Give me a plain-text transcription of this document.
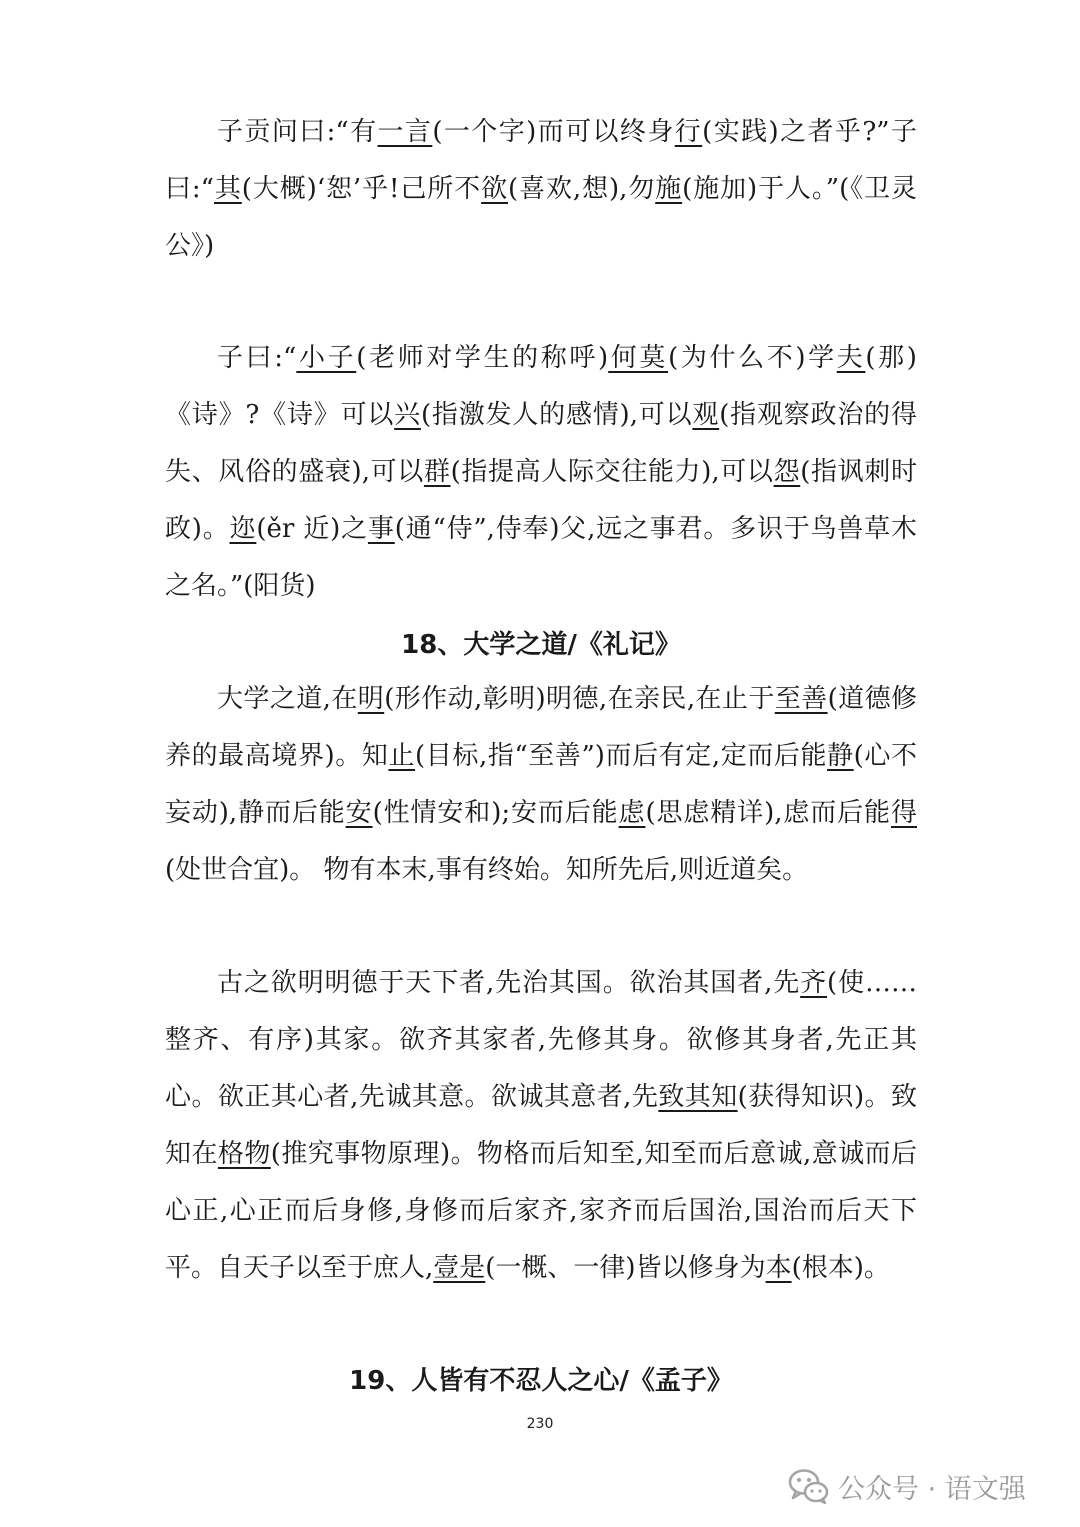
子贡问曰:“有一言(一个字)而可以终身行(实践)之者乎?”子曰:“其(大概)‘恕’乎!己所不欲(喜欢,想),勿施(施加)于人。”(《卫灵公》)

子曰:“小子(老师对学生的称呼)何莫(为什么不)学夫(那)《诗》?《诗》可以兴(指激发人的感情),可以观(指观察政治的得失、风俗的盛衰),可以群(指提高人际交往能力),可以怨(指讽刺时政)。迩(ěr 近)之事(通“侍”,侍奉)父,远之事君。多识于鸟兽草木之名。”(阳货)

18、大学之道/《礼记》

大学之道,在明(形作动,彰明)明德,在亲民,在止于至善(道德修养的最高境界)。知止(目标,指“至善”)而后有定,定而后能静(心不妄动),静而后能安(性情安和);安而后能虑(思虑精详),虑而后能得(处世合宜)。 物有本末,事有终始。知所先后,则近道矣。

古之欲明明德于天下者,先治其国。欲治其国者,先齐(使……整齐、有序)其家。欲齐其家者,先修其身。欲修其身者,先正其心。欲正其心者,先诚其意。欲诚其意者,先致其知(获得知识)。致知在格物(推究事物原理)。物格而后知至,知至而后意诚,意诚而后心正,心正而后身修,身修而后家齐,家齐而后国治,国治而后天下平。自天子以至于庶人,壹是(一概、一律)皆以修身为本(根本)。

19、人皆有不忍人之心/《孟子》
230
公众号 · 语文强
